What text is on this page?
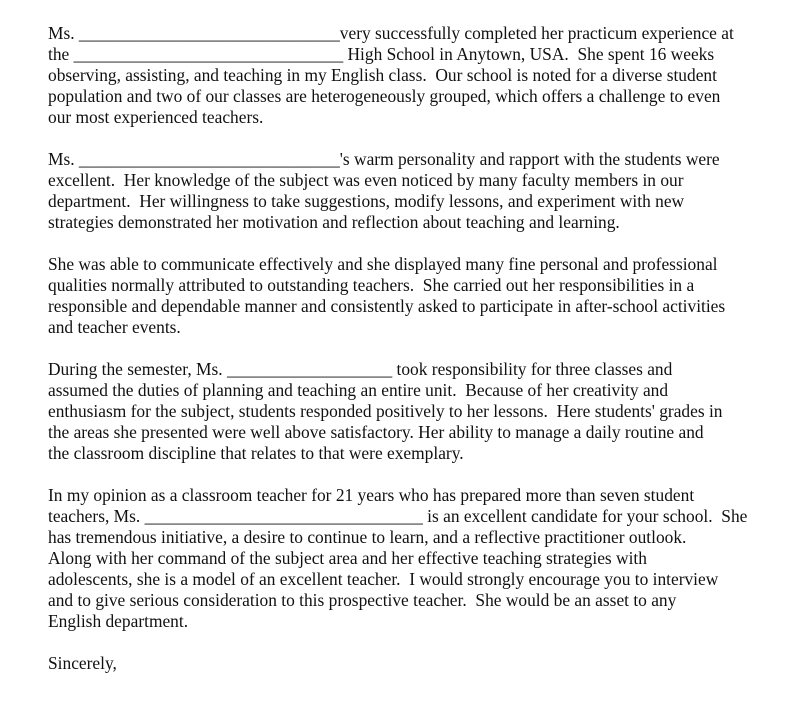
Ms. ______________________________very successfully completed her practicum experience at
the _______________________________ High School in Anytown, USA.  She spent 16 weeks
observing, assisting, and teaching in my English class.  Our school is noted for a diverse student
population and two of our classes are heterogeneously grouped, which offers a challenge to even
our most experienced teachers.
Ms. ______________________________'s warm personality and rapport with the students were
excellent.  Her knowledge of the subject was even noticed by many faculty members in our
department.  Her willingness to take suggestions, modify lessons, and experiment with new
strategies demonstrated her motivation and reflection about teaching and learning.
She was able to communicate effectively and she displayed many fine personal and professional
qualities normally attributed to outstanding teachers.  She carried out her responsibilities in a
responsible and dependable manner and consistently asked to participate in after-school activities
and teacher events.
During the semester, Ms. ___________________ took responsibility for three classes and
assumed the duties of planning and teaching an entire unit.  Because of her creativity and
enthusiasm for the subject, students responded positively to her lessons.  Here students' grades in
the areas she presented were well above satisfactory. Her ability to manage a daily routine and
the classroom discipline that relates to that were exemplary.
In my opinion as a classroom teacher for 21 years who has prepared more than seven student
teachers, Ms. ________________________________ is an excellent candidate for your school.  She
has tremendous initiative, a desire to continue to learn, and a reflective practitioner outlook.
Along with her command of the subject area and her effective teaching strategies with
adolescents, she is a model of an excellent teacher.  I would strongly encourage you to interview
and to give serious consideration to this prospective teacher.  She would be an asset to any
English department.
Sincerely,
